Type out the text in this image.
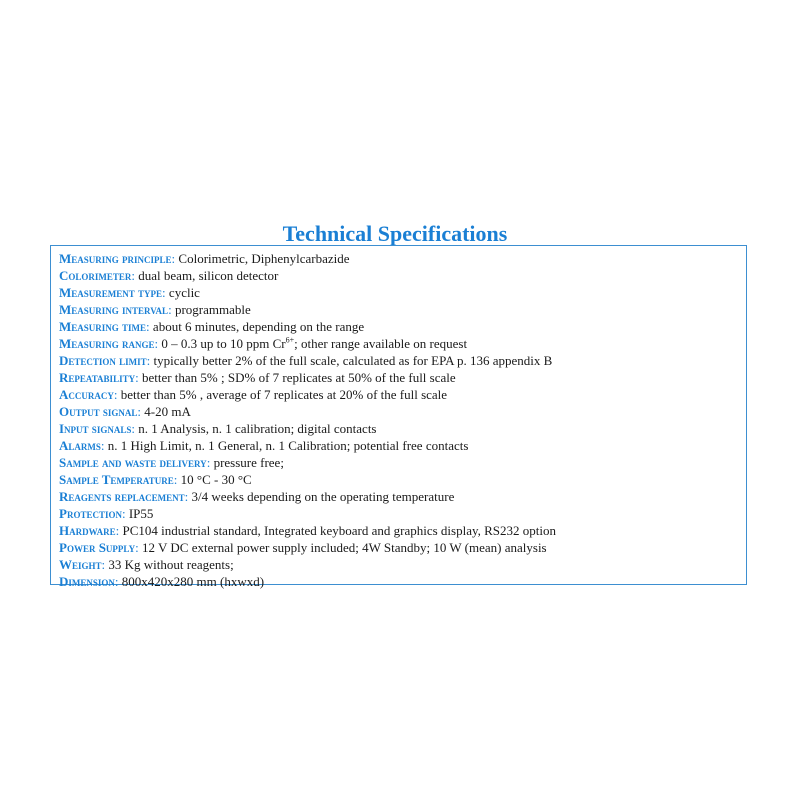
Technical Specifications
Measuring principle: Colorimetric, Diphenylcarbazide
Colorimeter: dual beam, silicon detector
Measurement type: cyclic
Measuring interval: programmable
Measuring time: about 6 minutes, depending on the range
Measuring range: 0 – 0.3 up to 10 ppm $Cr^{6+}$; other range available on request
Detection limit: typically better 2% of the full scale, calculated as for EPA p. 136 appendix B
Repeatability: better than 5% ; SD% of 7 replicates at 50% of the full scale
Accuracy: better than 5% , average of 7 replicates at 20% of the full scale
Output signal: 4-20 mA
Input signals: n. 1 Analysis, n. 1 calibration; digital contacts
Alarms: n. 1 High Limit, n. 1 General, n. 1 Calibration; potential free contacts
Sample and waste delivery: pressure free;
Sample Temperature: 10 °C - 30 °C
Reagents replacement: 3/4 weeks depending on the operating temperature
Protection: IP55
Hardware: PC104 industrial standard, Integrated keyboard and graphics display, RS232 option
Power Supply: 12 V DC external power supply included; 4W Standby; 10 W (mean) analysis
Weight: 33 Kg without reagents;
Dimension: 800x420x280 mm (hxwxd)
